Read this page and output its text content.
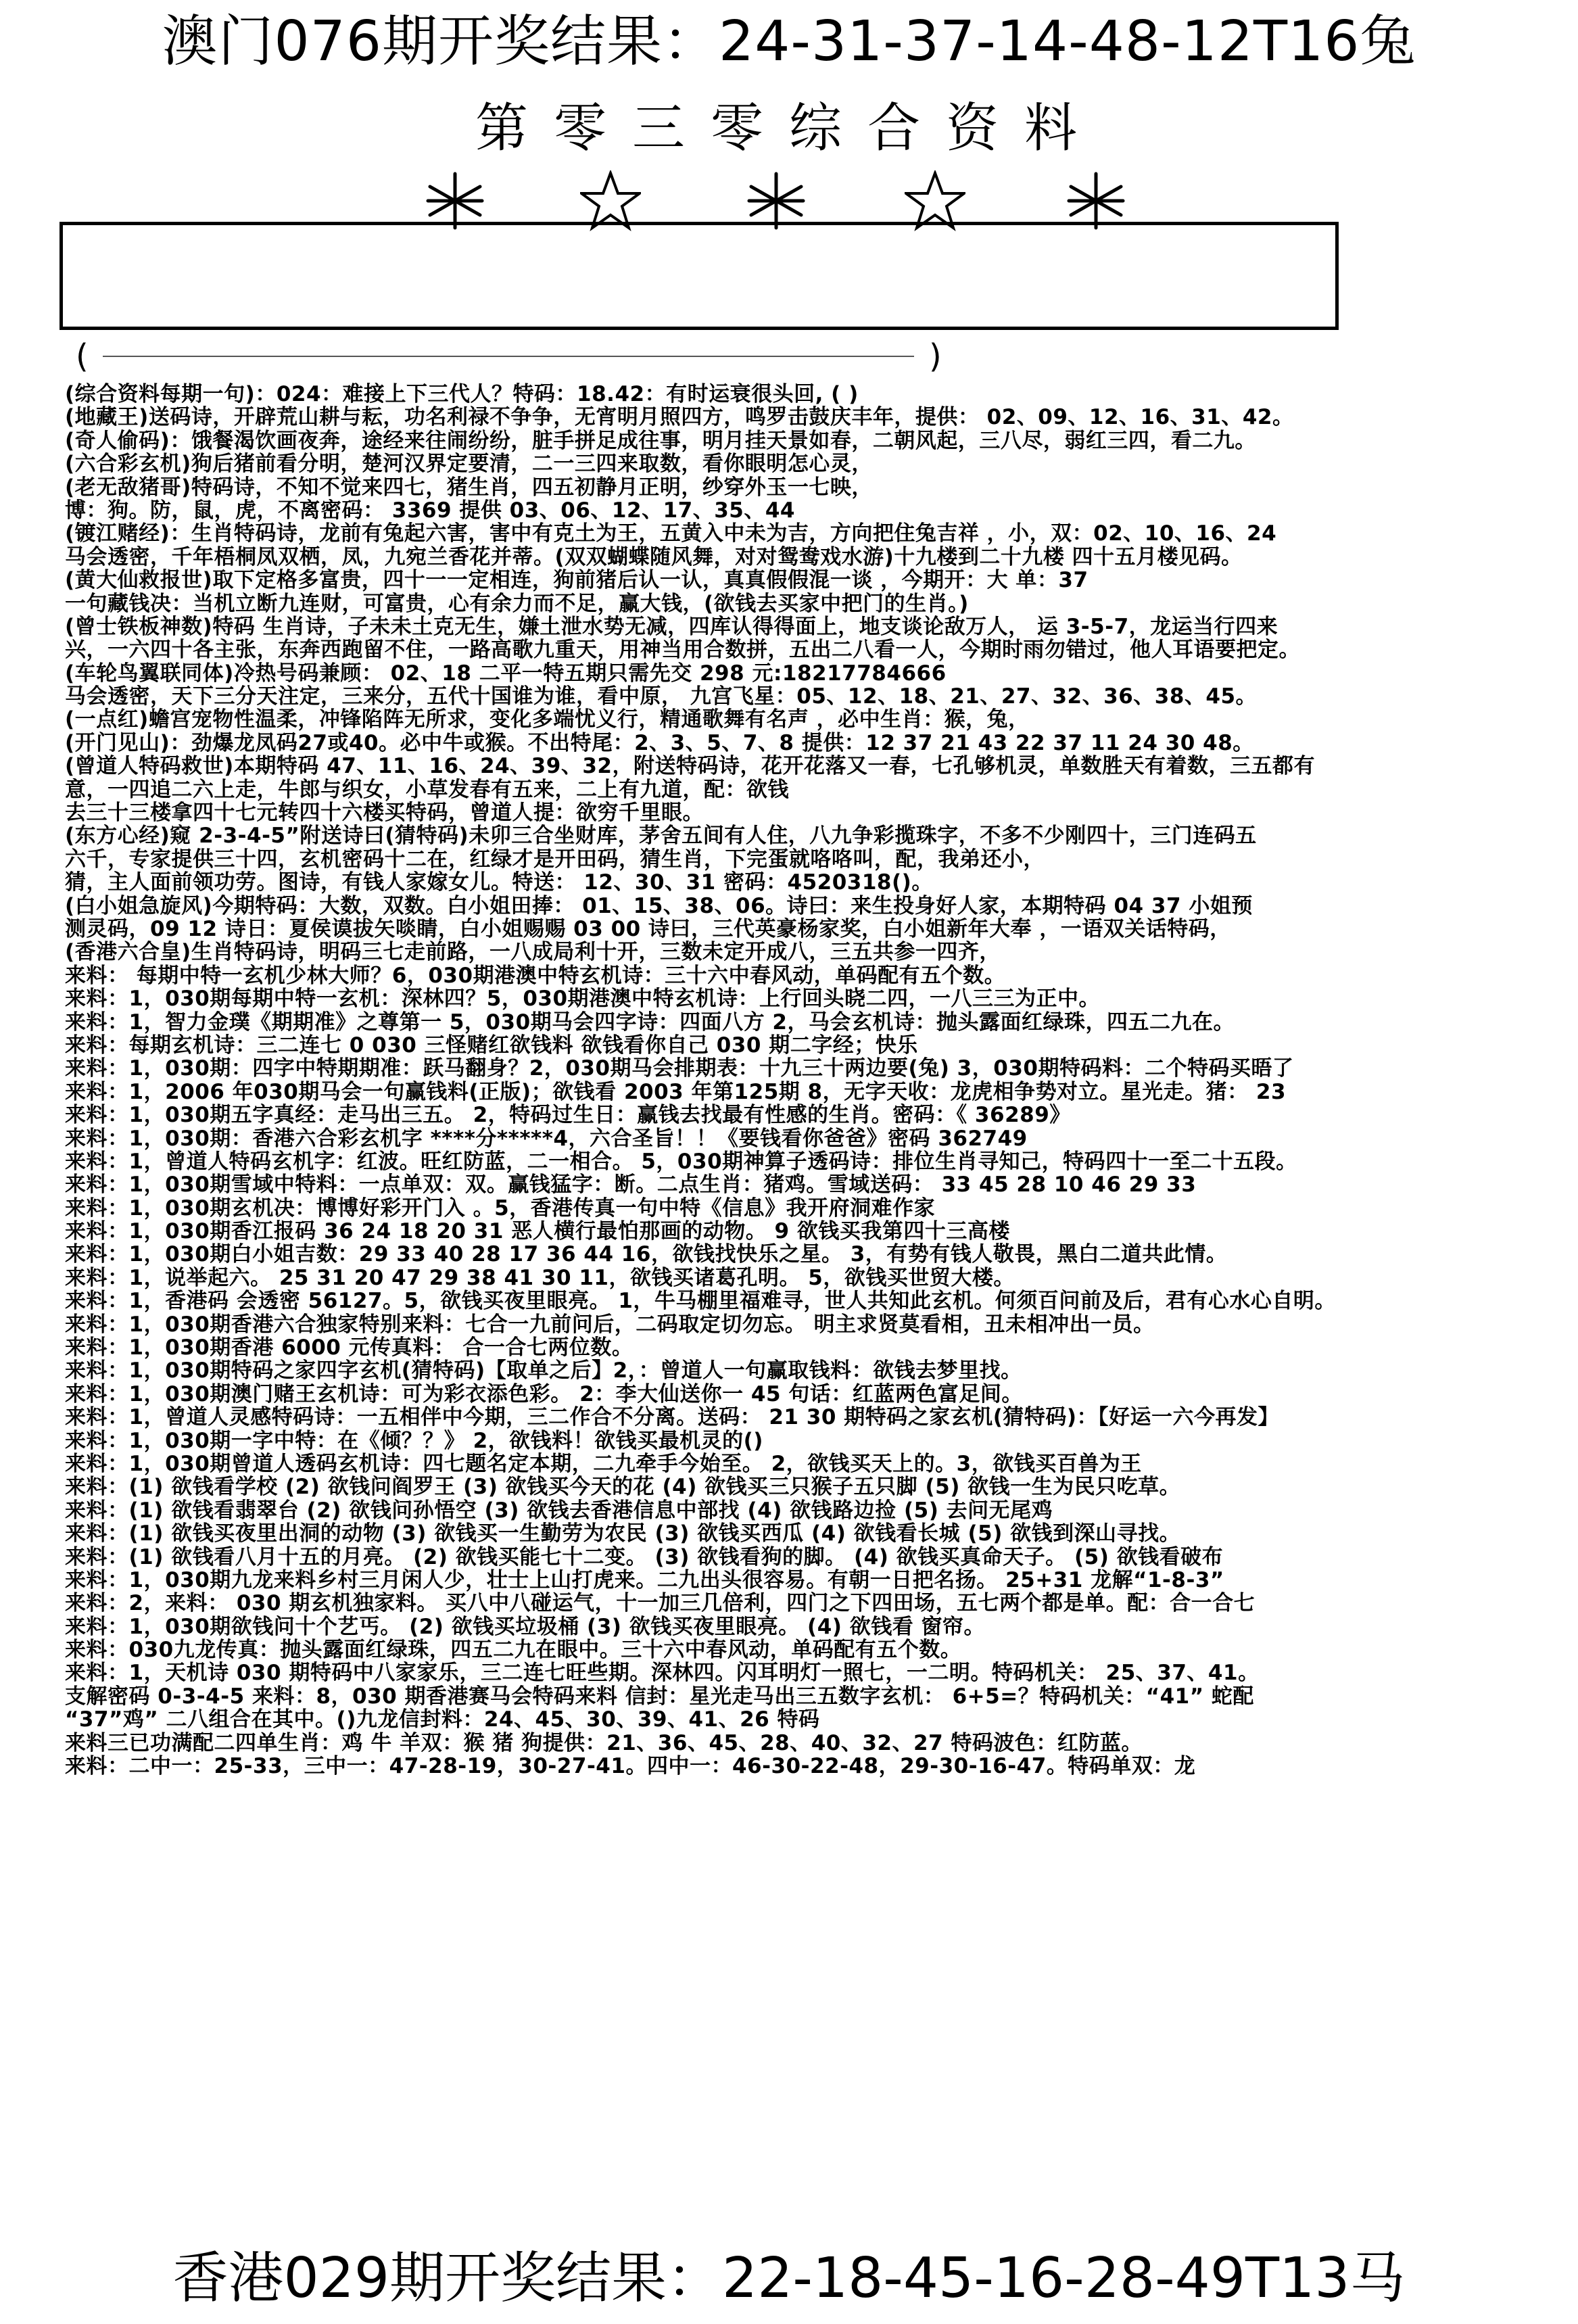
澳门076期开奖结果：24-31-37-14-48-12T16兔
第零三零综合资料
(	)
(综合资料每期一句)：024：难接上下三代人？特码：18.42：有时运衰很头回, ( )
(地藏王)送码诗，开辟荒山耕与耘，功名利禄不争争，无宵明月照四方，鸣罗击鼓庆丰年，提供： 02、09、12、16、31、42。
(奇人偷码)：饿餐渴饮画夜奔，途经来往闹纷纷，脏手拼足成往事，明月挂天景如春，二朝风起，三八尽，弱红三四，看二九。
(六合彩玄机)狗后猪前看分明，楚河汉界定要清，二一三四来取数，看你眼明怎心灵，
(老无敌猪哥)特码诗，不知不觉来四七，猪生肖，四五初静月正明，纱穿外玉一七映，
博：狗。防，鼠，虎，不离密码： 3369 提供 03、06、12、17、35、44
(镀江赌经)：生肖特码诗，龙前有兔起六害，害中有克土为王，五黄入中未为吉，方向把住兔吉祥 ，小，双：02、10、16、24
马会透密，千年梧桐凤双栖，凤，九宛兰香花并蒂。(双双蝴蝶随风舞，对对鸳鸯戏水游)十九楼到二十九楼 四十五月楼见码。
(黄大仙救报世)取下定格多富贵，四十一一定相连，狗前猪后认一认，真真假假混一谈 ，今期开：大 单：37
一句藏钱决：当机立断九连财，可富贵，心有余力而不足，赢大钱，(欲钱去买家中把门的生肖。)
(曾士铁板神数)特码 生肖诗，子未未土克无生，嫌土泄水势无减，四库认得得面上，地支谈论敌万人， 运 3-5-7，龙运当行四来
兴，一六四十各主张，东奔西跑留不住，一路高歌九重天，用神当用合数拼，五出二八看一人，今期时雨勿错过，他人耳语要把定。
(车轮鸟翼联同体)冷热号码兼顾： 02、18 二平一特五期只需先交 298 元:18217784666
马会透密，天下三分天注定，三来分，五代十国谁为谁，看中原， 九宫飞星：05、12、18、21、27、32、36、38、45。
(一点红)蟾宫宠物性温柔，冲锋陷阵无所求，变化多端忧义行，精通歌舞有名声 ，必中生肖：猴，兔，
(开门见山)：劲爆龙凤码27或40。必中牛或猴。不出特尾：2、3、5、7、8 提供：12 37 21 43 22 37 11 24 30 48。
(曾道人特码救世)本期特码 47、11、16、24、39、32，附送特码诗，花开花落又一春，七孔够机灵，单数胜天有着数，三五都有
意，一四追二六上走，牛郎与织女，小草发春有五来，二上有九道，配：欲钱
去三十三楼拿四十七元转四十六楼买特码，曾道人提：欲穷千里眼。
(东方心经)窥 2-3-4-5”附送诗曰(猜特码)未卯三合坐财库，茅舍五间有人住，八九争彩揽珠字，不多不少刚四十，三门连码五
六千，专家提供三十四，玄机密码十二在，红绿才是开田码，猜生肖，下完蛋就咯咯叫，配，我弟还小，
猜，主人面前领功劳。图诗，有钱人家嫁女儿。特送： 12、30、31 密码：4520318()。
(白小姐急旋风)今期特码：大数，双数。白小姐田捧： 01、15、38、06。诗曰：来生投身好人家，本期特码 04 37 小姐预
测灵码，09 12 诗日：夏侯谟拔矢啖睛，白小姐赐赐 03 00 诗曰，三代英豪杨家奖，白小姐新年大奉 ，一语双关话特码，
(香港六合皇)生肖特码诗，明码三七走前路，一八成局利十开，三数未定开成八，三五共参一四齐，
来料： 每期中特一玄机少林大师？6，030期港澳中特玄机诗：三十六中春风动，单码配有五个数。
来料：1，030期每期中特一玄机：深林四？5，030期港澳中特玄机诗：上行回头晓二四，一八三三为正中。
来料：1，智力金璞《期期准》之尊第一 5，030期马会四字诗：四面八方 2，马会玄机诗：抛头露面红绿珠，四五二九在。
来料：每期玄机诗：三二连七 0 030 三怪赌红欲钱料 欲钱看你自己 030 期二字经；快乐
来料：1，030期：四字中特期期准：跃马翻身？2，030期马会排期表：十九三十两边要(兔) 3，030期特码料：二个特码买晤了
来料：1，2006 年030期马会一句赢钱料(正版)；欲钱看 2003 年第125期 8，无字天收：龙虎相争势对立。星光走。猪： 23
来料：1，030期五字真经：走马出三五。 2，特码过生日：赢钱去找最有性感的生肖。密码：《 36289》
来料：1，030期：香港六合彩玄机字 ****分*****4，六合圣旨！！《要钱看你爸爸》密码 362749
来料：1，曾道人特码玄机字：红波。旺红防蓝，二一相合。 5，030期神算子透码诗：排位生肖寻知己，特码四十一至二十五段。
来料：1，030期雪域中特料：一点单双：双。赢钱猛字：断。二点生肖：猪鸡。雪域送码： 33 45 28 10 46 29 33
来料：1，030期玄机决：博博好彩开门入 。5，香港传真一句中特《信息》我开府洞难作家
来料：1，030期香江报码 36 24 18 20 31 恶人横行最怕那画的动物。 9 欲钱买我第四十三高楼
来料：1，030期白小姐吉数：29 33 40 28 17 36 44 16，欲钱找快乐之星。 3，有势有钱人敬畏，黑白二道共此情。
来料：1，说举起六。 25 31 20 47 29 38 41 30 11，欲钱买诸葛孔明。 5，欲钱买世贸大楼。
来料：1，香港码 会透密 56127。5，欲钱买夜里眼亮。 1，牛马棚里福难寻，世人共知此玄机。何须百问前及后，君有心水心自明。
来料：1，030期香港六合独家特别来料：七合一九前问后，二码取定切勿忘。 明主求贤莫看相，丑未相冲出一员。
来料：1，030期香港 6000 元传真料： 合一合七两位数。
来料：1，030期特码之家四字玄机(猜特码)【取单之后】2，：曾道人一句赢取钱料：欲钱去梦里找。
来料：1，030期澳门赌王玄机诗：可为彩衣添色彩。 2：李大仙送你一 45 句话：红蓝两色富足间。
来料：1，曾道人灵感特码诗：一五相伴中今期，三二作合不分离。送码： 21 30 期特码之家玄机(猜特码)：【好运一六今再发】
来料：1，030期一字中特：在《倾？？》 2，欲钱料！欲钱买最机灵的()
来料：1，030期曾道人透码玄机诗：四七题名定本期，二九牵手今始至。 2，欲钱买天上的。3，欲钱买百兽为王
来料：(1) 欲钱看学校 (2) 欲钱问阎罗王 (3) 欲钱买今天的花 (4) 欲钱买三只猴子五只脚 (5) 欲钱一生为民只吃草。
来料：(1) 欲钱看翡翠台 (2) 欲钱问孙悟空 (3) 欲钱去香港信息中部找 (4) 欲钱路边捡 (5) 去问无尾鸡
来料：(1) 欲钱买夜里出洞的动物 (3) 欲钱买一生勤劳为农民 (3) 欲钱买西瓜 (4) 欲钱看长城 (5) 欲钱到深山寻找。
来料：(1) 欲钱看八月十五的月亮。 (2) 欲钱买能七十二变。 (3) 欲钱看狗的脚。 (4) 欲钱买真命天子。 (5) 欲钱看破布
来料：1，030期九龙来料乡村三月闲人少，壮士上山打虎来。二九出头很容易。有朝一日把名扬。 25+31 龙解“1-8-3”
来料：2，来料： 030 期玄机独家料。 买八中八碰运气，十一加三几倍利，四门之下四田场，五七两个都是单。配：合一合七
来料：1，030期欲钱问十个艺丐。 (2) 欲钱买垃圾桶 (3) 欲钱买夜里眼亮。 (4) 欲钱看 窗帘。
来料：030九龙传真：抛头露面红绿珠，四五二九在眼中。三十六中春风动，单码配有五个数。
来料：1，天机诗 030 期特码中八家家乐，三二连七旺些期。深林四。闪耳明灯一照七，一二明。特码机关： 25、37、41。
支解密码 0-3-4-5 来料：8，030 期香港赛马会特码来料 信封：星光走马出三五数字玄机： 6+5=？特码机关：“41” 蛇配
“37”鸡” 二八组合在其中。()九龙信封料：24、45、30、39、41、26 特码
来料三已功满配二四单生肖：鸡 牛 羊双：猴 猪 狗提供：21、36、45、28、40、32、27 特码波色：红防蓝。
来料：二中一：25-33，三中一：47-28-19，30-27-41。四中一：46-30-22-48，29-30-16-47。特码单双：龙
香港029期开奖结果：22-18-45-16-28-49T13马
